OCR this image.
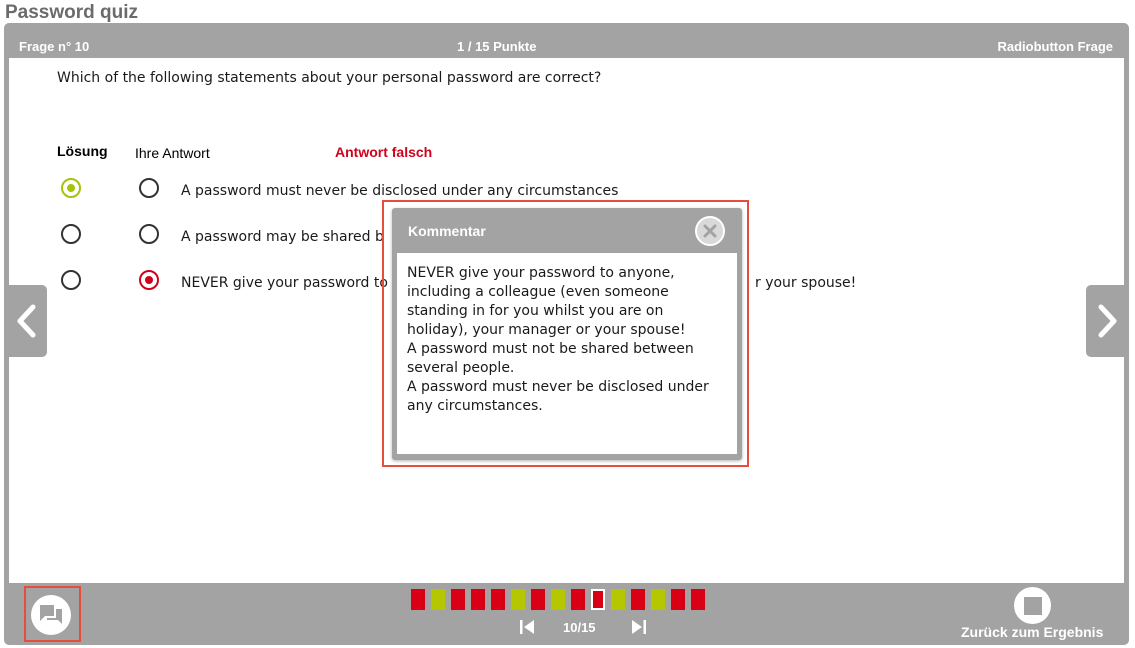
Password quiz
Frage n° 10	1 / 15 Punkte	Radiobutton Frage
Which of the following statements about your personal password are correct?
Lösung Ihre Antwort	Antwort falsch
A password must never be disclosed under any circumstances
A password may be shared b
NEVER give your password to	r your spouse!
Kommentar
NEVER give your password to anyone, including a colleague (even someone standing in for you whilst you are on holiday), your manager or your spouse!
A password must not be shared between several people.
A password must never be disclosed under any circumstances.
10/15	Zurück zum Ergebnis
